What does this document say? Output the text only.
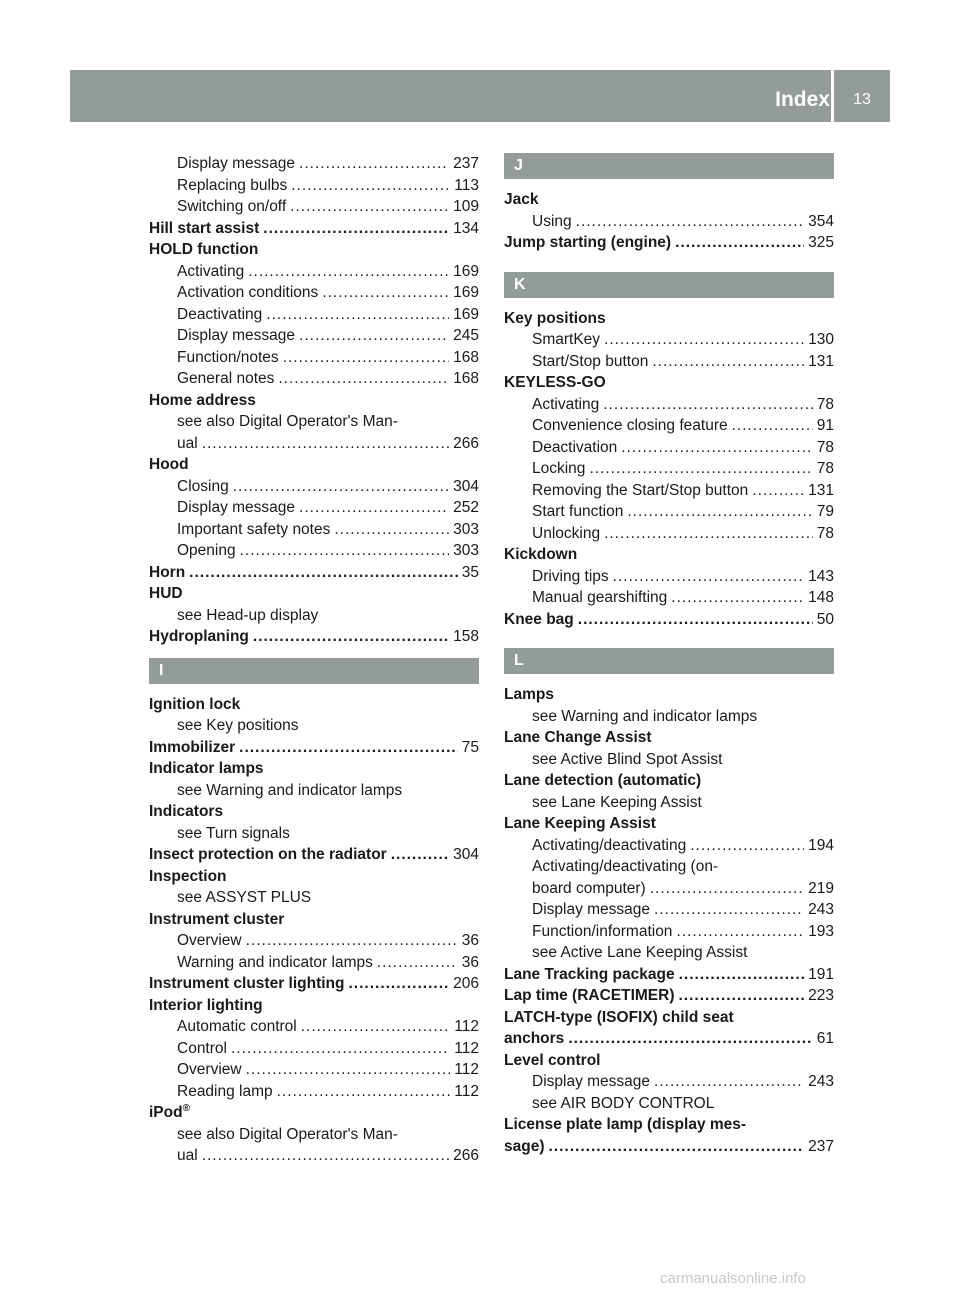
Index	13
Display message .....	237
Replacing bulbs .....	113
Switching on/off .....	109
Hill start assist .....	134
HOLD function
Activating .....	169
Activation conditions .....	169
Deactivating .....	169
Display message .....	245
Function/notes .....	168
General notes .....	168
Home address
see also Digital Operator's Man-
ual .....	266
Hood
Closing .....	304
Display message .....	252
Important safety notes .....	303
Opening .....	303
Horn .....	35
HUD
see Head-up display
Hydroplaning .....	158
I
Ignition lock
see Key positions
Immobilizer .....	75
Indicator lamps
see Warning and indicator lamps
Indicators
see Turn signals
Insect protection on the radiator .....	304
Inspection
see ASSYST PLUS
Instrument cluster
Overview .....	36
Warning and indicator lamps .....	36
Instrument cluster lighting .....	206
Interior lighting
Automatic control .....	112
Control .....	112
Overview .....	112
Reading lamp .....	112
iPod®
see also Digital Operator's Man-
ual .....	266
J
Jack
Using .....	354
Jump starting (engine) .....	325
K
Key positions
SmartKey .....	130
Start/Stop button .....	131
KEYLESS-GO
Activating .....	78
Convenience closing feature .....	91
Deactivation .....	78
Locking .....	78
Removing the Start/Stop button .....	131
Start function .....	79
Unlocking .....	78
Kickdown
Driving tips .....	143
Manual gearshifting .....	148
Knee bag .....	50
L
Lamps
see Warning and indicator lamps
Lane Change Assist
see Active Blind Spot Assist
Lane detection (automatic)
see Lane Keeping Assist
Lane Keeping Assist
Activating/deactivating .....	194
Activating/deactivating (on-
board computer) .....	219
Display message .....	243
Function/information .....	193
see Active Lane Keeping Assist
Lane Tracking package .....	191
Lap time (RACETIMER) .....	223
LATCH-type (ISOFIX) child seat
anchors .....	61
Level control
Display message .....	243
see AIR BODY CONTROL
License plate lamp (display mes-
sage) .....	237
carmanualsonline.info
